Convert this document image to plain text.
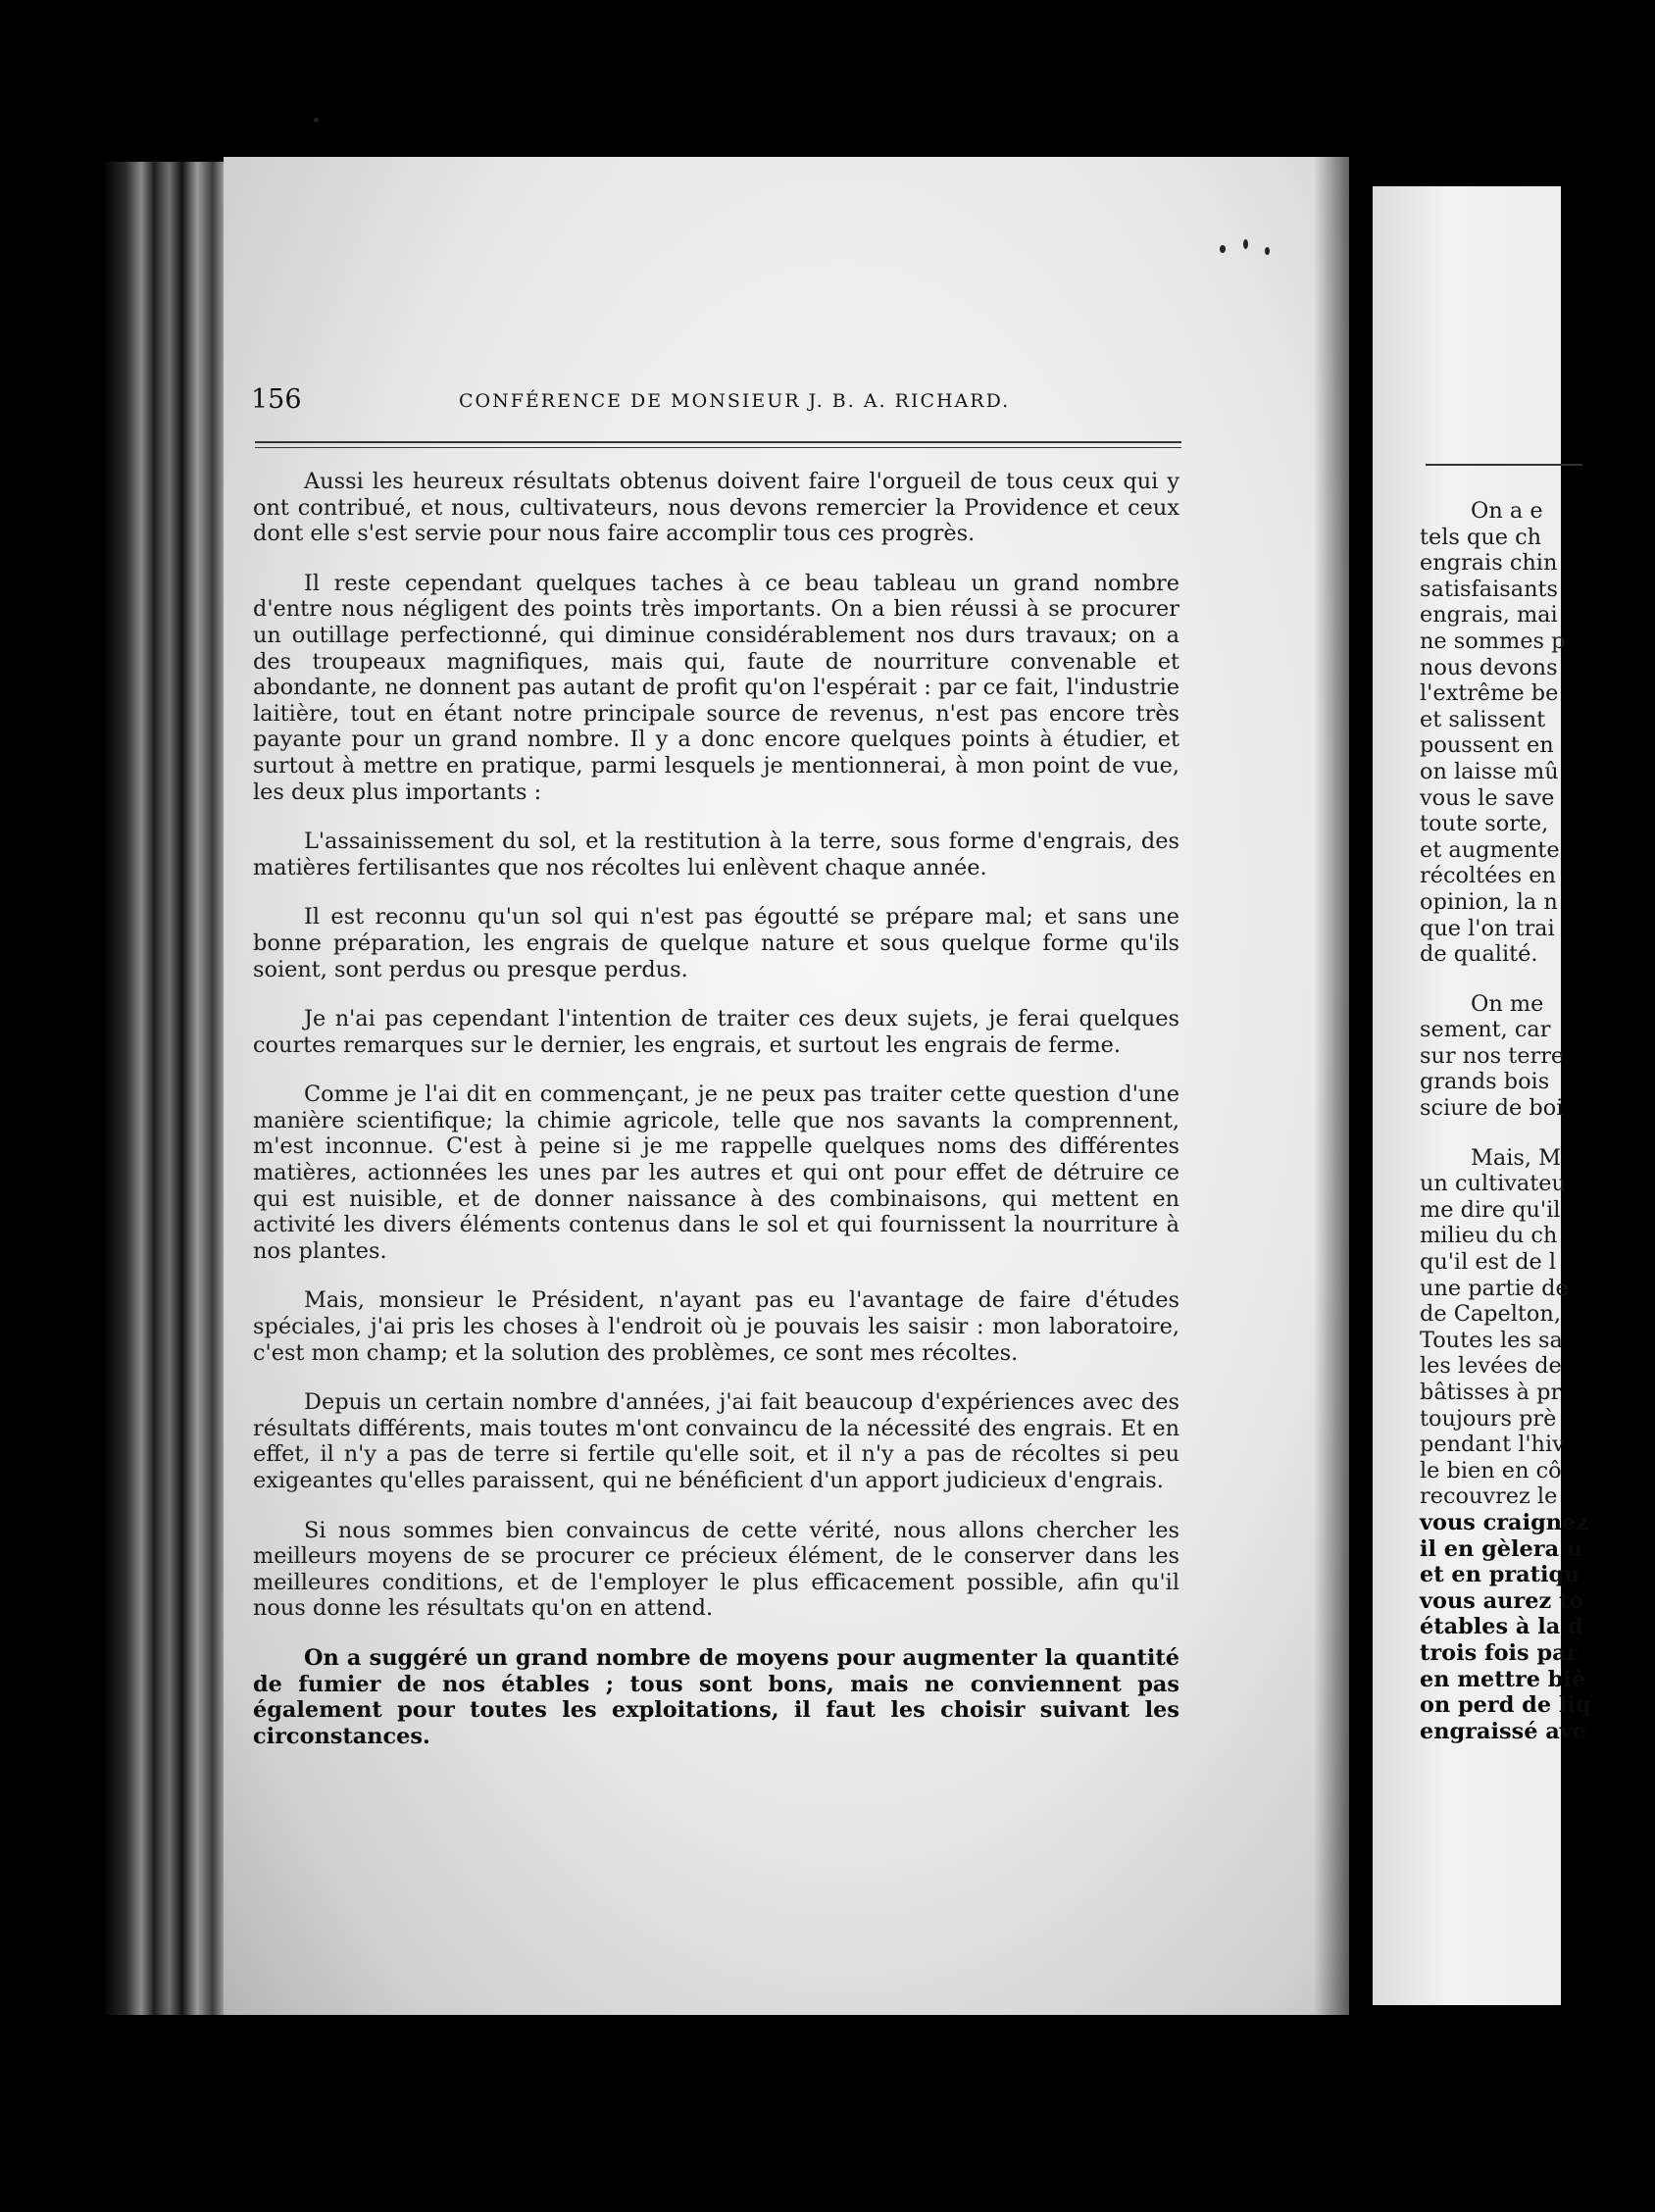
156	CONFÉRENCE DE MONSIEUR J. B. A. RICHARD.

Aussi les heureux résultats obtenus doivent faire l'orgueil de tous ceux qui y ont contribué, et nous, cultivateurs, nous devons remercier la Providence et ceux dont elle s'est servie pour nous faire accomplir tous ces progrès.

Il reste cependant quelques taches à ce beau tableau un grand nombre d'entre nous négligent des points très importants. On a bien réussi à se procurer un outillage perfectionné, qui diminue considérablement nos durs travaux; on a des troupeaux magnifiques, mais qui, faute de nourriture convenable et abondante, ne donnent pas autant de profit qu'on l'espérait : par ce fait, l'industrie laitière, tout en étant notre principale source de revenus, n'est pas encore très payante pour un grand nombre. Il y a donc encore quelques points à étudier, et surtout à mettre en pratique, parmi lesquels je mentionnerai, à mon point de vue, les deux plus importants :

L'assainissement du sol, et la restitution à la terre, sous forme d'engrais, des matières fertilisantes que nos récoltes lui enlèvent chaque année.

Il est reconnu qu'un sol qui n'est pas égoutté se prépare mal; et sans une bonne préparation, les engrais de quelque nature et sous quelque forme qu'ils soient, sont perdus ou presque perdus.

Je n'ai pas cependant l'intention de traiter ces deux sujets, je ferai quelques courtes remarques sur le dernier, les engrais, et surtout les engrais de ferme.

Comme je l'ai dit en commençant, je ne peux pas traiter cette question d'une manière scientifique; la chimie agricole, telle que nos savants la comprennent, m'est inconnue. C'est à peine si je me rappelle quelques noms des différentes matières, actionnées les unes par les autres et qui ont pour effet de détruire ce qui est nuisible, et de donner naissance à des combinaisons, qui mettent en activité les divers éléments contenus dans le sol et qui fournissent la nourriture à nos plantes.

Mais, monsieur le Président, n'ayant pas eu l'avantage de faire d'études spéciales, j'ai pris les choses à l'endroit où je pouvais les saisir : mon laboratoire, c'est mon champ; et la solution des problèmes, ce sont mes récoltes.

Depuis un certain nombre d'années, j'ai fait beaucoup d'expériences avec des résultats différents, mais toutes m'ont convaincu de la nécessité des engrais. Et en effet, il n'y a pas de terre si fertile qu'elle soit, et il n'y a pas de récoltes si peu exigeantes qu'elles paraissent, qui ne bénéficient d'un apport judicieux d'engrais.

Si nous sommes bien convaincus de cette vérité, nous allons chercher les meilleurs moyens de se procurer ce précieux élément, de le conserver dans les meilleures conditions, et de l'employer le plus efficacement possible, afin qu'il nous donne les résultats qu'on en attend.

On a suggéré un grand nombre de moyens pour augmenter la quantité de fumier de nos étables ; tous sont bons, mais ne conviennent pas également pour toutes les exploitations, il faut les choisir suivant les circonstances.

On a e
tels que ch
engrais chin
satisfaisants
engrais, mai
ne sommes p
nous devons
l'extrême be
et salissent
poussent en
on laisse mû
vous le save
toute sorte,
et augmente
récoltées en
opinion, la n
que l'on trai
de qualité.
On me
sement, car
sur nos terre
grands bois
sciure de boi
Mais, M
un cultivateu
me dire qu'il
milieu du ch
qu'il est de l
une partie de
de Capelton,
Toutes les sa
les levées de
bâtisses à pr
toujours prè
pendant l'hiv
le bien en cô
recouvrez le
vous craignez
il en gèlera u
et en pratiqu
vous aurez to
étables à la d
trois fois par
en mettre biè
on perd de liq
engraissé ave
